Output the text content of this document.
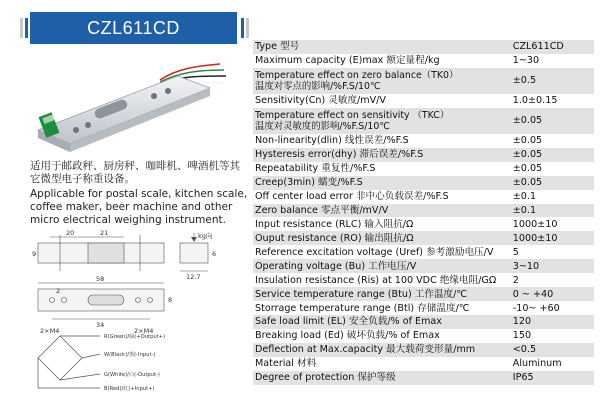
CZL611CD
适用于邮政秤、厨房秤、咖啡机、啤酒机等其它微型电子称重设备。
Applicable for postal scale, kitchen scale, coffee maker, beer machine and other micro electrical weighing instrument.
21
20
58
34
2
12.7
6
9
8
2×M4	2×M4
kg向
R(Green)/绿(+Output+)
W(Black)/黑(-Input-)
G(White)/白(-Output-)
B(Red)/红(+Input+)
Type 型号	CZL611CD

Maximum capacity (E)max 额定量程/kg	1~30

Temperature effect on zero balance（TK0）
温度对零点的影响/%F.S/10℃	±0.5

Sensitivity(Cn) 灵敏度/mV/V	1.0±0.15

Temperature effect on sensitivity （TKC）
温度对灵敏度的影响/%F.S/10℃	±0.05

Non-linearity(dlin) 线性误差/%F.S	±0.05

Hysteresis error(dhy) 滞后误差/%F.S	±0.05

Repeatability 重复性/%F.S	±0.05

Creep(3min) 蠕变/%F.S	±0.05

Off center load error 非中心负载误差/%F.S	±0.1

Zero balance 零点平衡/mV/V	±0.1

Input resistance (RLC) 输入阻抗/Ω	1000±10

Ouput resistance (RO) 输出阻抗/Ω	1000±10

Reference excitation voltage (Uref) 参考激励电压/V	5

Operating voltage (Bu) 工作电压/V	3~10

Insulation resistance (Ris) at 100 VDC 绝缘电阻/GΩ	2

Service temperature range (Btu) 工作温度/℃	0 ~ +40

Storrage temperature range (Btl) 存储温度/℃	-10~ +60

Safe load limit (EL) 安全负载/% of Emax	120

Breaking load (Ed) 破坏负载/% of Emax	150

Deflection at Max.capacity 最大载荷变形量/mm	<0.5

Material 材料	Aluminum

Degree of protection 保护等级	IP65
